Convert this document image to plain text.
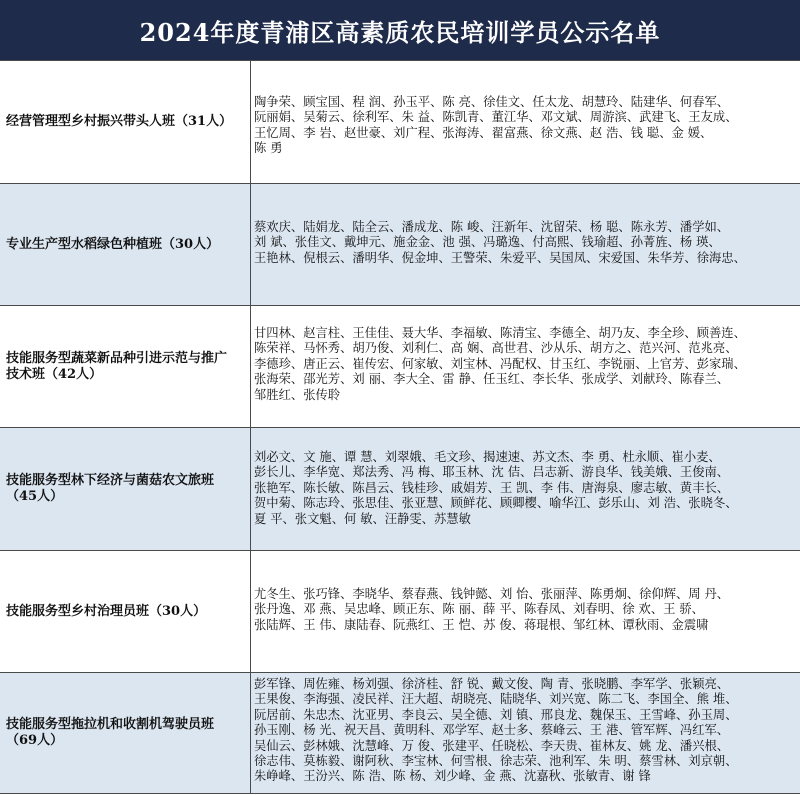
2024年度青浦区高素质农民培训学员公示名单
经营管理型乡村振兴带头人班（31人）
陶争荣、顾宝国、程 润、孙玉平、陈 亮、徐佳文、任太龙、胡慧玲、陆建华、何春军、
阮丽娟、吴菊云、徐利军、朱 益、陈凯青、董江华、邓文斌、周游滨、武建飞、王友成、
王忆周、李 岩、赵世豪、刘广程、张海涛、翟富燕、徐文燕、赵 浩、钱 聪、金 媛、
陈 勇
专业生产型水稻绿色种植班（30人）
蔡欢庆、陆娟龙、陆全云、潘成龙、陈 峻、汪新年、沈留荣、杨 聪、陈永芳、潘学如、
刘 斌、张佳文、戴坤元、施金金、池 强、冯璐逸、付高熙、钱瑜超、孙菁旌、杨 瑛、
王艳林、倪根云、潘明华、倪金坤、王警荣、朱爱平、吴国凤、宋爱国、朱华芳、徐海忠、
技能服务型蔬菜新品种引进示范与推广
技术班（42人）
甘四林、赵言柱、王佳佳、聂大华、李福敏、陈清宝、李德全、胡乃友、李全珍、顾善连、
陈荣祥、马怀秀、胡乃俊、刘利仁、高 娴、高世君、沙从乐、胡方之、范兴河、范兆亮、
李德珍、唐正云、崔传宏、何家敏、刘宝林、冯配权、甘玉红、李锐丽、上官芳、彭家瑞、
张海荣、邵光芳、刘 丽、李大全、雷 静、任玉红、李长华、张成学、刘献玲、陈春兰、
邹胜红、张传聆
技能服务型林下经济与菌菇农文旅班
（45人）
刘必文、文 施、谭 慧、刘翠娥、毛文珍、揭速速、苏文杰、李 勇、杜永顺、崔小麦、
彭长儿、李华宽、郑法秀、冯 梅、耶玉林、沈 佶、吕志新、游良华、钱美娥、王俊南、
张艳军、陈长敏、陈昌云、钱桂珍、戚娟芳、王 凯、李 伟、唐海泉、廖志敏、黄丰长、
贺中菊、陈志玲、张思佳、张亚慧、顾鲜花、顾卿樱、喻华江、彭乐山、刘 浩、张晓冬、
夏 平、张文魁、何 敏、汪静雯、苏慧敏
技能服务型乡村治理员班（30人）
尤冬生、张巧锋、李晓华、蔡春燕、钱钟懿、刘 怡、张丽萍、陈勇炯、徐仰辉、周 丹、
张丹逸、邓 燕、吴忠峰、顾正东、陈 丽、薛 平、陈春凤、刘春明、徐 欢、王 骄、
张陆辉、王 伟、康陆春、阮燕红、王 恺、苏 俊、蒋琨根、邹红林、谭秋雨、金震啸
技能服务型拖拉机和收割机驾驶员班
（69人）
彭军锋、周佐雍、杨刘强、徐济桂、舒 锐、戴文俊、陶 青、张晓鹏、李军学、张颖亮、
王果俊、李海强、凌民祥、汪大超、胡晓亮、陆晓华、刘兴宽、陈二飞、李国全、熊 堆、
阮居前、朱忠杰、沈亚男、李良云、吴全德、刘 镇、邢良龙、魏保玉、王雪峰、孙玉周、
孙玉刚、杨 光、祝天昌、黄明科、邓学军、赵士多、蔡峰云、王 港、管军辉、冯红军、
吴仙云、彭林娥、沈慧峰、万 俊、张建平、任晓松、李天贵、崔林友、姚 龙、潘兴根、
徐志伟、莫栋毅、谢阿秋、李宝林、何雪根、徐志荣、池利军、朱 明、蔡雪林、刘京朝、
朱峥峰、王汾兴、陈 浩、陈 杨、刘少峰、金 燕、沈嘉秋、张敏青、谢 锋
